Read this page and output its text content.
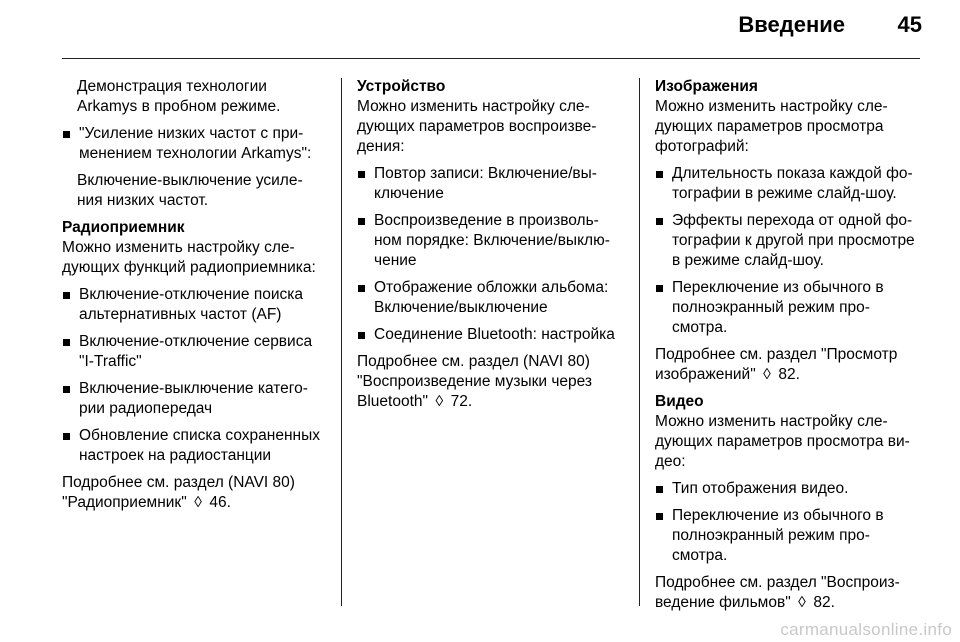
Введение	45

Демонстрация технологии

Arkamys в пробном режиме.

"Усиление низких частот с при-

менением технологии Arkamys":

Включение-выключение усиле-

ния низких частот.

Радиоприемник

Можно изменить настройку сле-

дующих функций радиоприемника:

Включение-отключение поиска

альтернативных частот (AF)

Включение-отключение сервиса

"I-Traffic"

Включение-выключение катего-

рии радиопередач

Обновление списка сохраненных

настроек на радиостанции

Подробнее см. раздел (NAVI 80)

"Радиоприемник" ◊ 46.

Устройство

Можно изменить настройку сле-

дующих параметров воспроизве-

дения:

Повтор записи: Включение/вы-

ключение

Воспроизведение в произволь-

ном порядке: Включение/выклю-

чение

Отображение обложки альбома:

Включение/выключение

Соединение Bluetooth: настройка

Подробнее см. раздел (NAVI 80)

"Воспроизведение музыки через

Bluetooth" ◊ 72.

Изображения

Можно изменить настройку сле-

дующих параметров просмотра

фотографий:

Длительность показа каждой фо-

тографии в режиме слайд-шоу.

Эффекты перехода от одной фо-

тографии к другой при просмотре

в режиме слайд-шоу.

Переключение из обычного в

полноэкранный режим про-

смотра.

Подробнее см. раздел "Просмотр

изображений" ◊ 82.

Видео

Можно изменить настройку сле-

дующих параметров просмотра ви-

део:

Тип отображения видео.

Переключение из обычного в

полноэкранный режим про-

смотра.

Подробнее см. раздел "Воспроиз-

ведение фильмов" ◊ 82.

carmanualsonline.info
